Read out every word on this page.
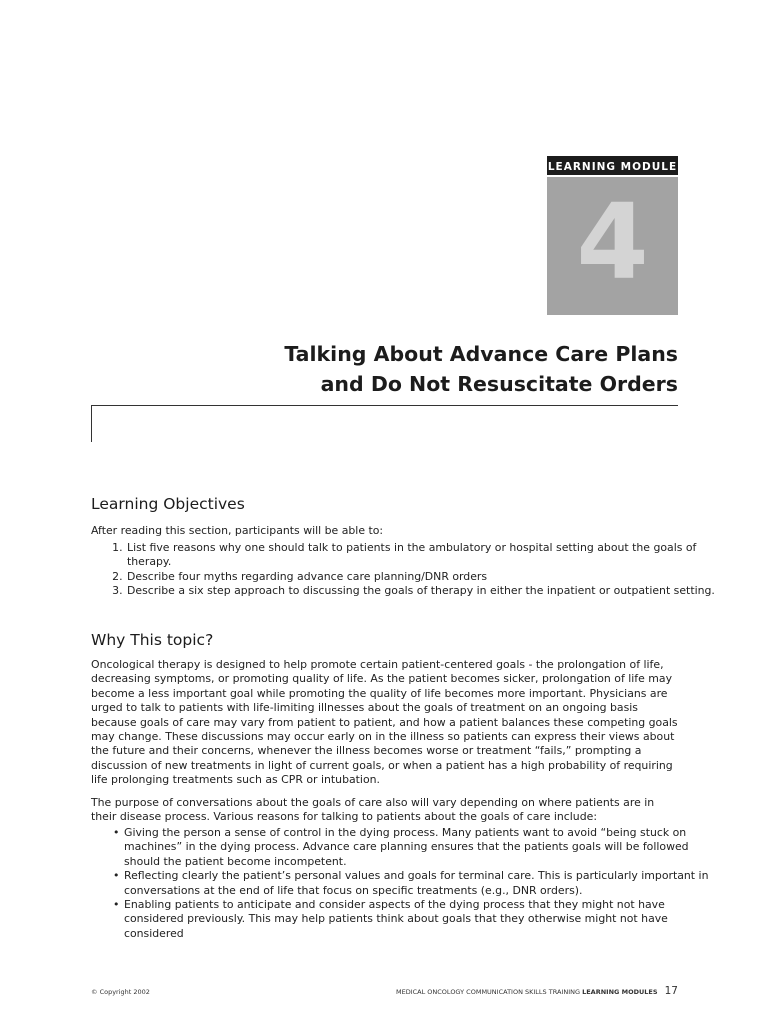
LEARNING MODULE
4
Talking About Advance Care Plans
and Do Not Resuscitate Orders
Learning Objectives

After reading this section, participants will be able to:

1. List five reasons why one should talk to patients in the ambulatory or hospital setting about the goals of therapy.
2. Describe four myths regarding advance care planning/DNR orders
3. Describe a six step approach to discussing the goals of therapy in either the inpatient or outpatient setting.
Why This topic?

Oncological therapy is designed to help promote certain patient-centered goals - the prolongation of life, decreasing symptoms, or promoting quality of life. As the patient becomes sicker, prolongation of life may become a less important goal while promoting the quality of life becomes more important. Physicians are urged to talk to patients with life-limiting illnesses about the goals of treatment on an ongoing basis because goals of care may vary from patient to patient, and how a patient balances these competing goals may change. These discussions may occur early on in the illness so patients can express their views about the future and their concerns, whenever the illness becomes worse or treatment “fails,” prompting a discussion of new treatments in light of current goals, or when a patient has a high probability of requiring life prolonging treatments such as CPR or intubation.

The purpose of conversations about the goals of care also will vary depending on where patients are in their disease process. Various reasons for talking to patients about the goals of care include:

• Giving the person a sense of control in the dying process. Many patients want to avoid “being stuck on machines” in the dying process. Advance care planning ensures that the patients goals will be followed should the patient become incompetent.
• Reflecting clearly the patient’s personal values and goals for terminal care. This is particularly important in conversations at the end of life that focus on specific treatments (e.g., DNR orders).
• Enabling patients to anticipate and consider aspects of the dying process that they might not have considered previously. This may help patients think about goals that they otherwise might not have considered
© Copyright 2002	MEDICAL ONCOLOGY COMMUNICATION SKILLS TRAINING LEARNING MODULES 17
